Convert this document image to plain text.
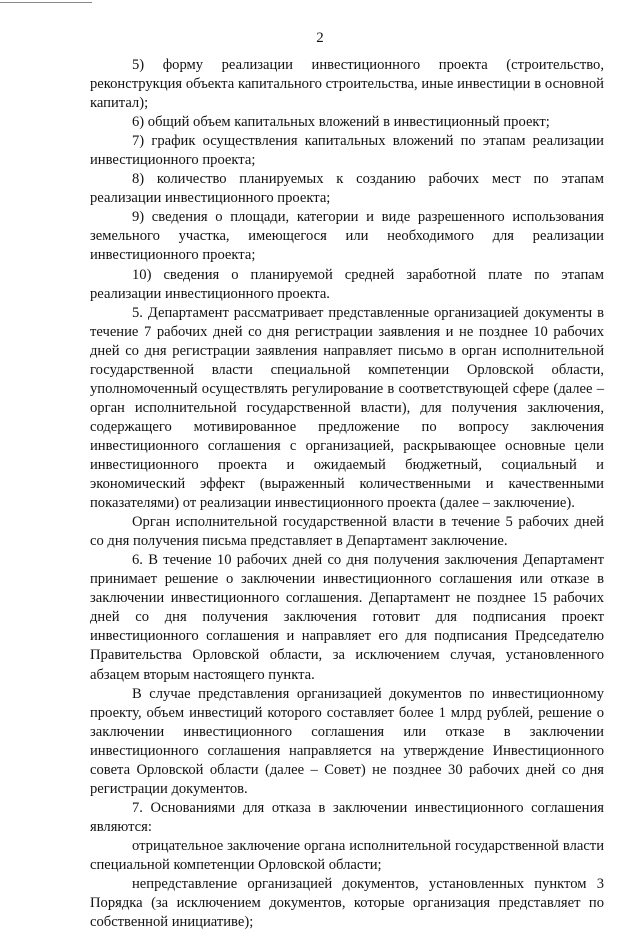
2

5) форму реализации инвестиционного проекта (строительство, реконструкция объекта капитального строительства, иные инвестиции в основной капитал);

6) общий объем капитальных вложений в инвестиционный проект;

7) график осуществления капитальных вложений по этапам реализации инвестиционного проекта;

8) количество планируемых к созданию рабочих мест по этапам реализации инвестиционного проекта;

9) сведения о площади, категории и виде разрешенного использования земельного участка, имеющегося или необходимого для реализации инвестиционного проекта;

10) сведения о планируемой средней заработной плате по этапам реализации инвестиционного проекта.

5. Департамент рассматривает представленные организацией документы в течение 7 рабочих дней со дня регистрации заявления и не позднее 10 рабочих дней со дня регистрации заявления направляет письмо в орган исполнительной государственной власти специальной компетенции Орловской области, уполномоченный осуществлять регулирование в соответствующей сфере (далее – орган исполнительной государственной власти), для получения заключения, содержащего мотивированное предложение по вопросу заключения инвестиционного соглашения с организацией, раскрывающее основные цели инвестиционного проекта и ожидаемый бюджетный, социальный и экономический эффект (выраженный количественными и качественными показателями) от реализации инвестиционного проекта (далее – заключение).

Орган исполнительной государственной власти в течение 5 рабочих дней со дня получения письма представляет в Департамент заключение.

6. В течение 10 рабочих дней со дня получения заключения Департамент принимает решение о заключении инвестиционного соглашения или отказе в заключении инвестиционного соглашения. Департамент не позднее 15 рабочих дней со дня получения заключения готовит для подписания проект инвестиционного соглашения и направляет его для подписания Председателю Правительства Орловской области, за исключением случая, установленного абзацем вторым настоящего пункта.

В случае представления организацией документов по инвестиционному проекту, объем инвестиций которого составляет более 1 млрд рублей, решение о заключении инвестиционного соглашения или отказе в заключении инвестиционного соглашения направляется на утверждение Инвестиционного совета Орловской области (далее – Совет) не позднее 30 рабочих дней со дня регистрации документов.

7. Основаниями для отказа в заключении инвестиционного соглашения являются:

отрицательное заключение органа исполнительной государственной власти специальной компетенции Орловской области;

непредставление организацией документов, установленных пунктом 3 Порядка (за исключением документов, которые организация представляет по собственной инициативе);
